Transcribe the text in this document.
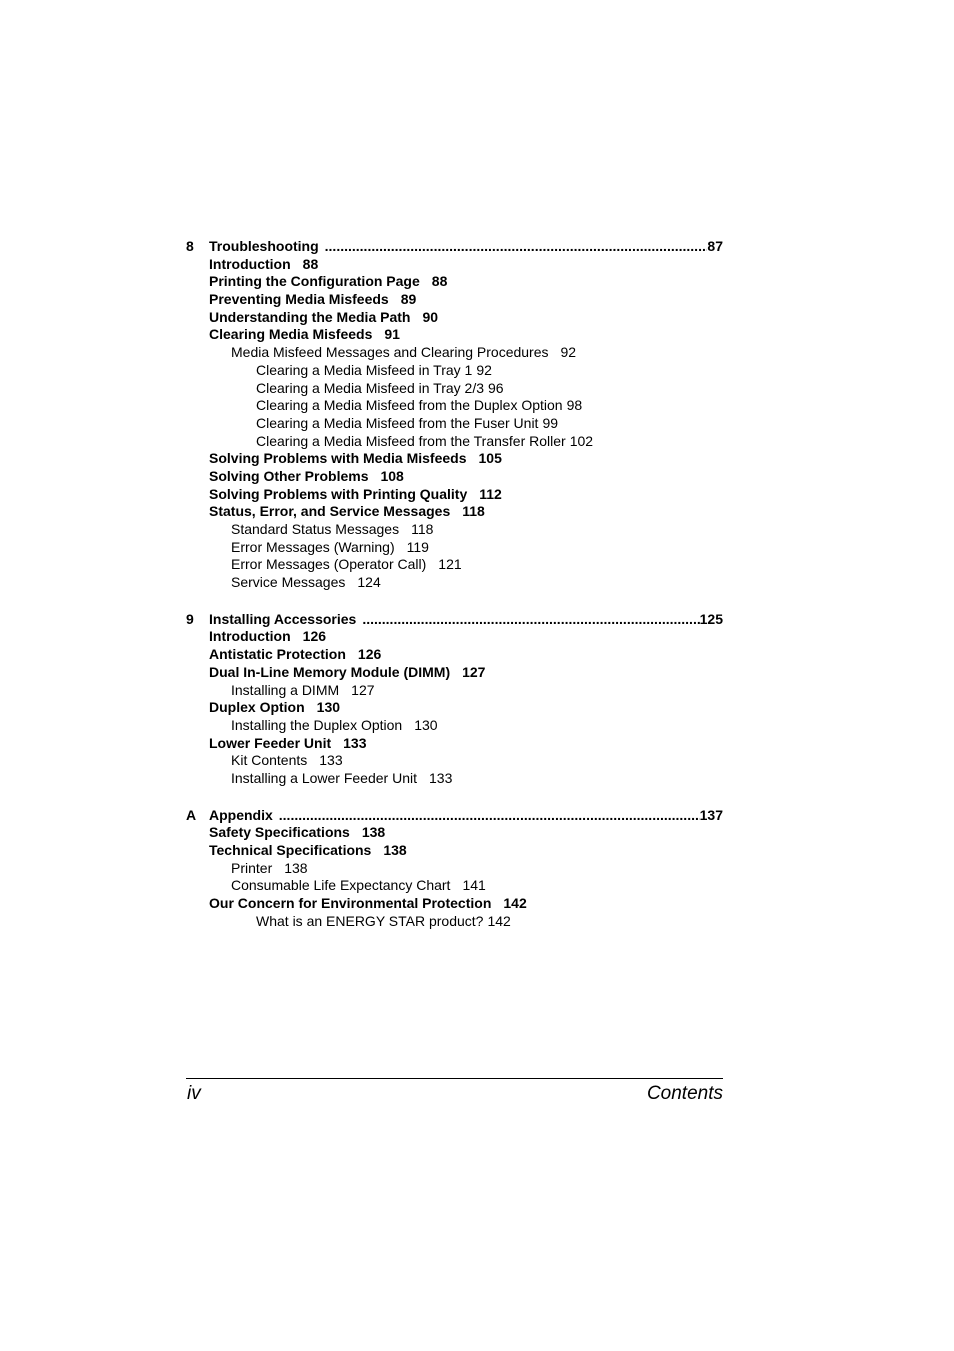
8	Troubleshooting .....	87
Introduction 88
Printing the Configuration Page 88
Preventing Media Misfeeds 89
Understanding the Media Path 90
Clearing Media Misfeeds 91
Media Misfeed Messages and Clearing Procedures 92
Clearing a Media Misfeed in Tray 1 92
Clearing a Media Misfeed in Tray 2/3 96
Clearing a Media Misfeed from the Duplex Option 98
Clearing a Media Misfeed from the Fuser Unit 99
Clearing a Media Misfeed from the Transfer Roller 102
Solving Problems with Media Misfeeds 105
Solving Other Problems 108
Solving Problems with Printing Quality 112
Status, Error, and Service Messages 118
Standard Status Messages 118
Error Messages (Warning) 119
Error Messages (Operator Call) 121
Service Messages 124
9	Installing Accessories .....	125
Introduction 126
Antistatic Protection 126
Dual In-Line Memory Module (DIMM) 127
Installing a DIMM 127
Duplex Option 130
Installing the Duplex Option 130
Lower Feeder Unit 133
Kit Contents 133
Installing a Lower Feeder Unit 133
A Appendix .....	137
Safety Specifications 138
Technical Specifications 138
Printer 138
Consumable Life Expectancy Chart 141
Our Concern for Environmental Protection 142
What is an ENERGY STAR product? 142
iv	Contents
